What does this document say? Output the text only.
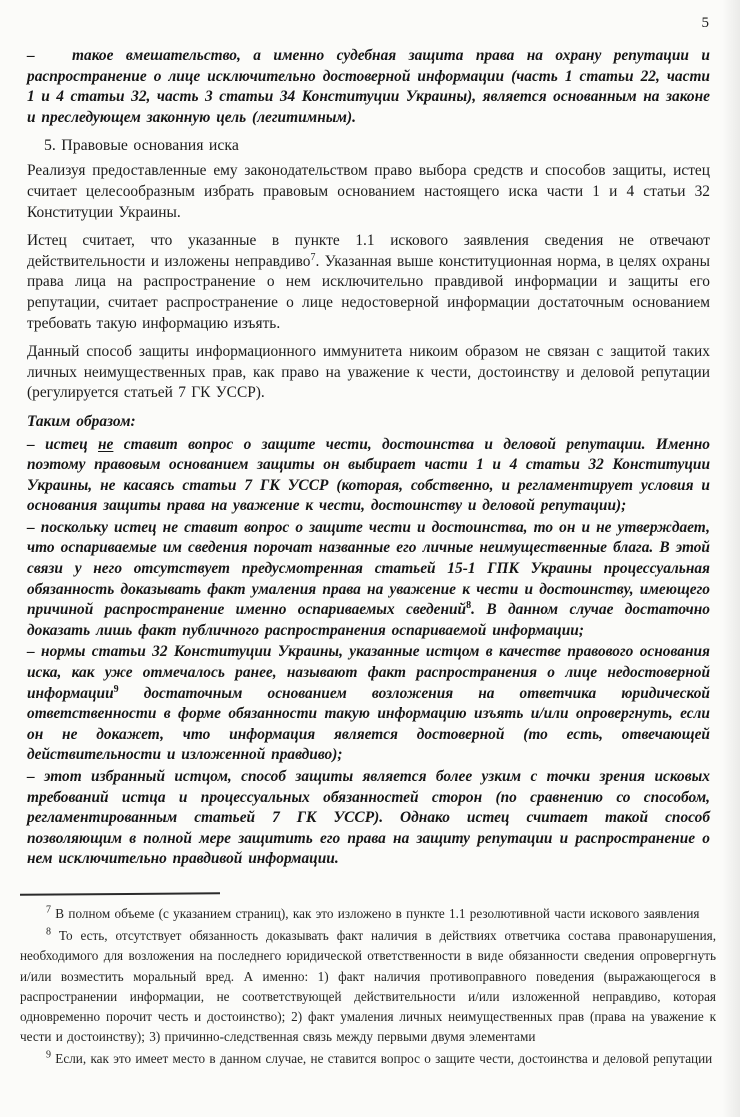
5

–   такое вмешательство, а именно судебная защита права на охрану репутации и распространение о лице исключительно достоверной информации (часть 1 статьи 22, части 1 и 4 статьи 32, часть 3 статьи 34 Конституции Украины), является основанным на законе и преследующем законную цель (легитимным).

5. Правовые основания иска

Реализуя предоставленные ему законодательством право выбора средств и способов защиты, истец считает целесообразным избрать правовым основанием настоящего иска части 1 и 4 статьи 32 Конституции Украины.

Истец считает, что указанные в пункте 1.1 искового заявления сведения не отвечают действительности и изложены неправдиво$^7$. Указанная выше конституционная норма, в целях охраны права лица на распространение о нем исключительно правдивой информации и защиты его репутации, считает распространение о лице недостоверной информации достаточным основанием требовать такую информацию изъять.

Данный способ защиты информационного иммунитета никоим образом не связан с защитой таких личных неимущественных прав, как право на уважение к чести, достоинству и деловой репутации (регулируется статьей 7 ГК УССР).

Таким образом:

– истец не ставит вопрос о защите чести, достоинства и деловой репутации. Именно поэтому правовым основанием защиты он выбирает части 1 и 4 статьи 32 Конституции Украины, не касаясь статьи 7 ГК УССР (которая, собственно, и регламентирует условия и основания защиты права на уважение к чести, достоинству и деловой репутации);

– поскольку истец не ставит вопрос о защите чести и достоинства, то он и не утверждает, что оспариваемые им сведения порочат названные его личные неимущественные блага. В этой связи у него отсутствует предусмотренная статьей 15-1 ГПК Украины процессуальная обязанность доказывать факт умаления права на уважение к чести и достоинству, имеющего причиной распространение именно оспариваемых сведений$^8$. В данном случае достаточно доказать лишь факт публичного распространения оспариваемой информации;

– нормы статьи 32 Конституции Украины, указанные истцом в качестве правового основания иска, как уже отмечалось ранее, называют факт распространения о лице недостоверной информации$^9$ достаточным основанием возложения на ответчика юридической ответственности в форме обязанности такую информацию изъять и/или опровергнуть, если он не докажет, что информация является достоверной (то есть, отвечающей действительности и изложенной правдиво);

– этот избранный истцом, способ защиты является более узким с точки зрения исковых требований истца и процессуальных обязанностей сторон (по сравнению со способом, регламентированным статьей 7 ГК УССР). Однако истец считает такой способ позволяющим в полной мере защитить его права на защиту репутации и распространение о нем исключительно правдивой информации.

$^7$ В полном объеме (с указанием страниц), как это изложено в пункте 1.1 резолютивной части искового заявления

$^8$ То есть, отсутствует обязанность доказывать факт наличия в действиях ответчика состава правонарушения, необходимого для возложения на последнего юридической ответственности в виде обязанности сведения опровергнуть и/или возместить моральный вред. А именно: 1) факт наличия противоправного поведения (выражающегося в распространении информации, не соответствующей действительности и/или изложенной неправдиво, которая одновременно порочит честь и достоинство); 2) факт умаления личных неимущественных прав (права на уважение к чести и достоинству); 3) причинно-следственная связь между первыми двумя элементами

$^9$ Если, как это имеет место в данном случае, не ставится вопрос о защите чести, достоинства и деловой репутации
